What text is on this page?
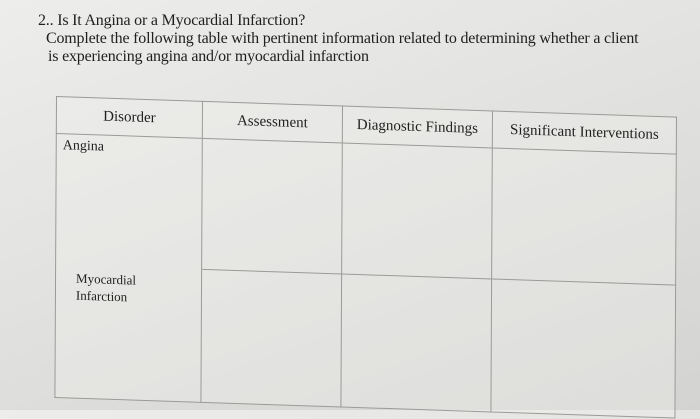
2.. Is It Angina or a Myocardial Infarction?
Complete the following table with pertinent information related to determining whether a client
is experiencing angina and/or myocardial infarction
Disorder	Assessment	Diagnostic Findings	Significant Interventions
Angina			

Myocardial Infarction			
